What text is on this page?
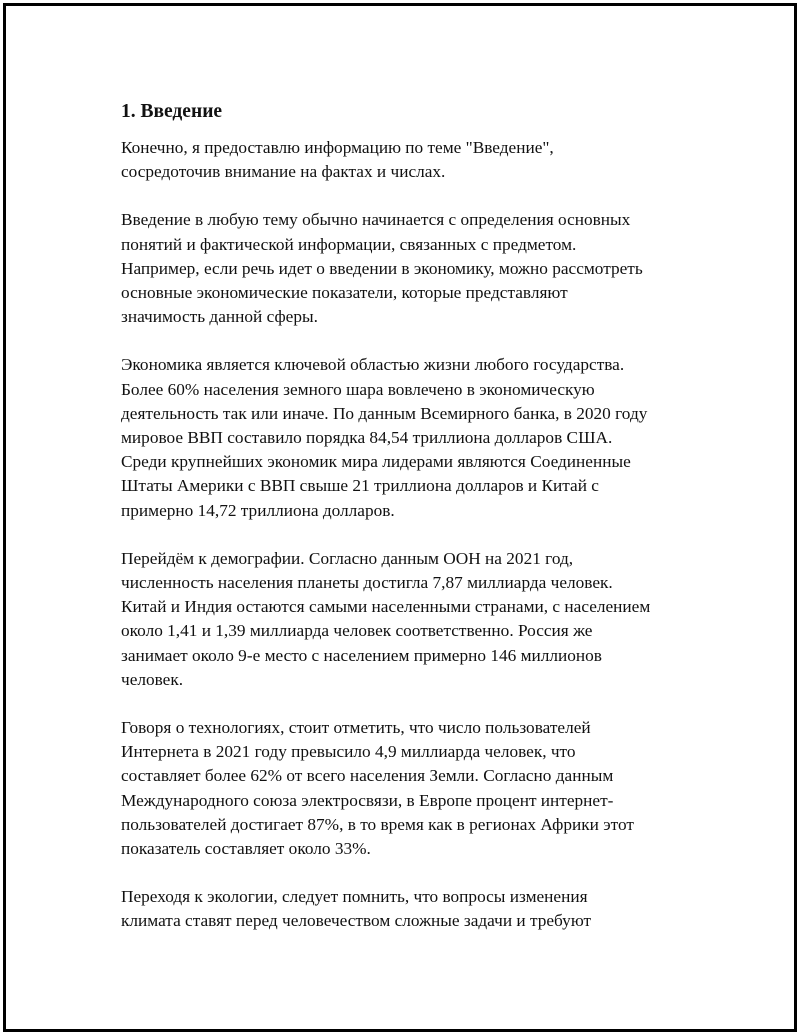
1. Введение

Конечно, я предоставлю информацию по теме "Введение",
сосредоточив внимание на фактах и числах.

Введение в любую тему обычно начинается с определения основных
понятий и фактической информации, связанных с предметом.
Например, если речь идет о введении в экономику, можно рассмотреть
основные экономические показатели, которые представляют
значимость данной сферы.

Экономика является ключевой областью жизни любого государства.
Более 60% населения земного шара вовлечено в экономическую
деятельность так или иначе. По данным Всемирного банка, в 2020 году
мировое ВВП составило порядка 84,54 триллиона долларов США.
Среди крупнейших экономик мира лидерами являются Соединенные
Штаты Америки с ВВП свыше 21 триллиона долларов и Китай с
примерно 14,72 триллиона долларов.

Перейдём к демографии. Согласно данным ООН на 2021 год,
численность населения планеты достигла 7,87 миллиарда человек.
Китай и Индия остаются самыми населенными странами, с населением
около 1,41 и 1,39 миллиарда человек соответственно. Россия же
занимает около 9-е место с населением примерно 146 миллионов
человек.

Говоря о технологиях, стоит отметить, что число пользователей
Интернета в 2021 году превысило 4,9 миллиарда человек, что
составляет более 62% от всего населения Земли. Согласно данным
Международного союза электросвязи, в Европе процент интернет-
пользователей достигает 87%, в то время как в регионах Африки этот
показатель составляет около 33%.

Переходя к экологии, следует помнить, что вопросы изменения
климата ставят перед человечеством сложные задачи и требуют
